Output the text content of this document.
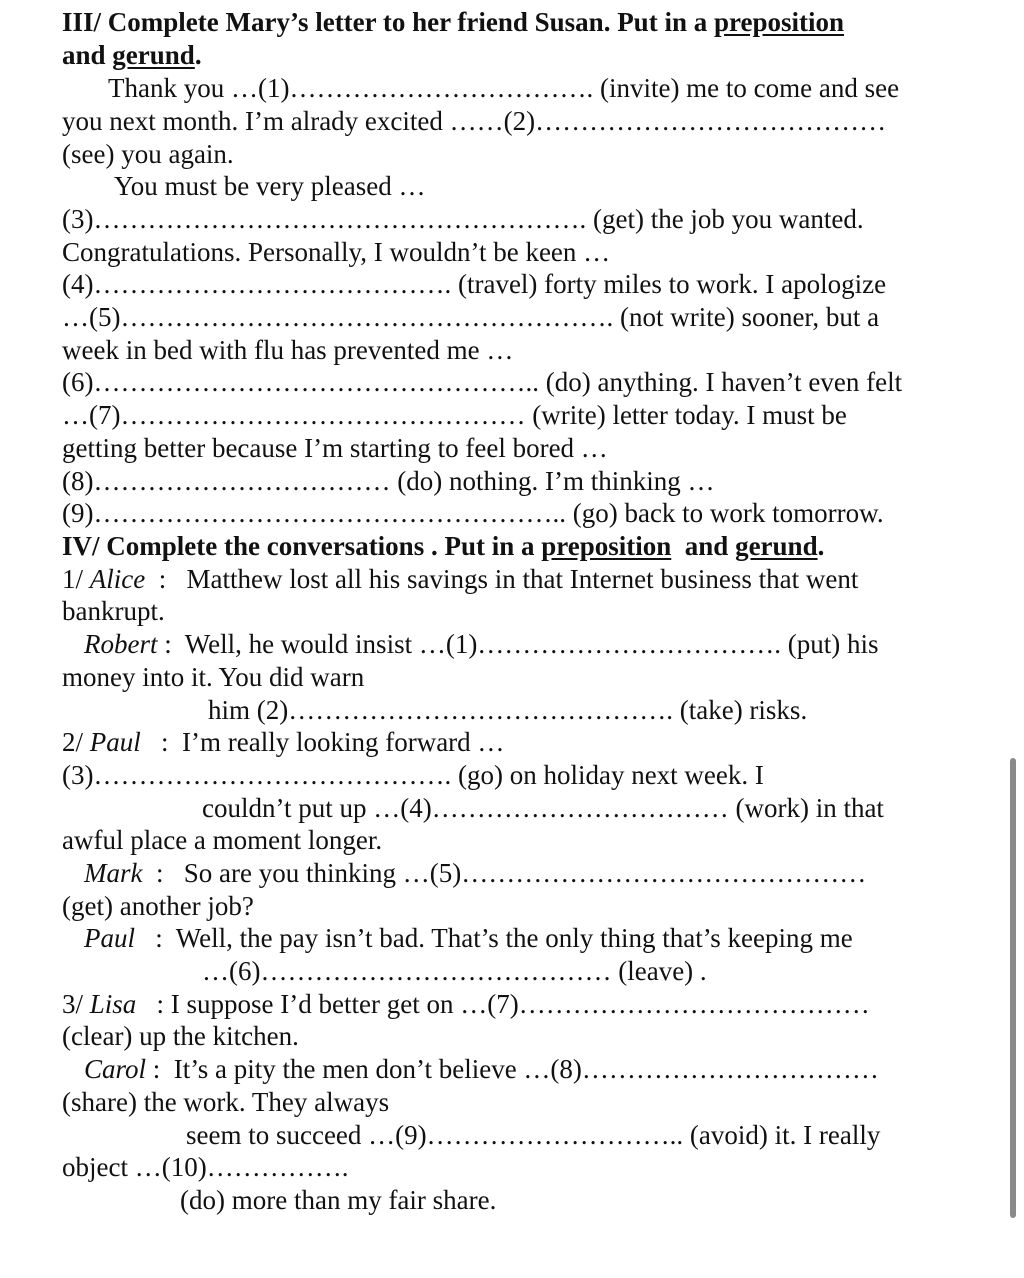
III/ Complete Mary’s letter to her friend Susan. Put in a preposition
and gerund.
Thank you …(1)……………………………. (invite) me to come and see
you next month. I’m alrady excited ……(2)…………………………………
(see) you again.
You must be very pleased …
(3)………………………………………………. (get) the job you wanted.
Congratulations. Personally, I wouldn’t be keen …
(4)…………………………………. (travel) forty miles to work. I apologize
…(5)………………………………………………. (not write) sooner, but a
week in bed with flu has prevented me …
(6)………………………………………….. (do) anything. I haven’t even felt
…(7)……………………………………… (write) letter today. I must be
getting better because I’m starting to feel bored …
(8)…………………………… (do) nothing. I’m thinking …
(9)…………………………………………….. (go) back to work tomorrow.
IV/ Complete the conversations . Put in a preposition  and gerund.
1/ Alice  :   Matthew lost all his savings in that Internet business that went
bankrupt.
Robert :  Well, he would insist …(1)……………………………. (put) his
money into it. You did warn
him (2)……………………………………. (take) risks.
2/ Paul   :  I’m really looking forward …
(3)…………………………………. (go) on holiday next week. I
couldn’t put up …(4)…………………………… (work) in that
awful place a moment longer.
Mark  :   So are you thinking …(5)………………………………………
(get) another job?
Paul   :  Well, the pay isn’t bad. That’s the only thing that’s keeping me
…(6)………………………………… (leave) .
3/ Lisa   : I suppose I’d better get on …(7)…………………………………
(clear) up the kitchen.
Carol :  It’s a pity the men don’t believe …(8)……………………………
(share) the work. They always
seem to succeed …(9)……………………….. (avoid) it. I really
object …(10)…………….
(do) more than my fair share.
